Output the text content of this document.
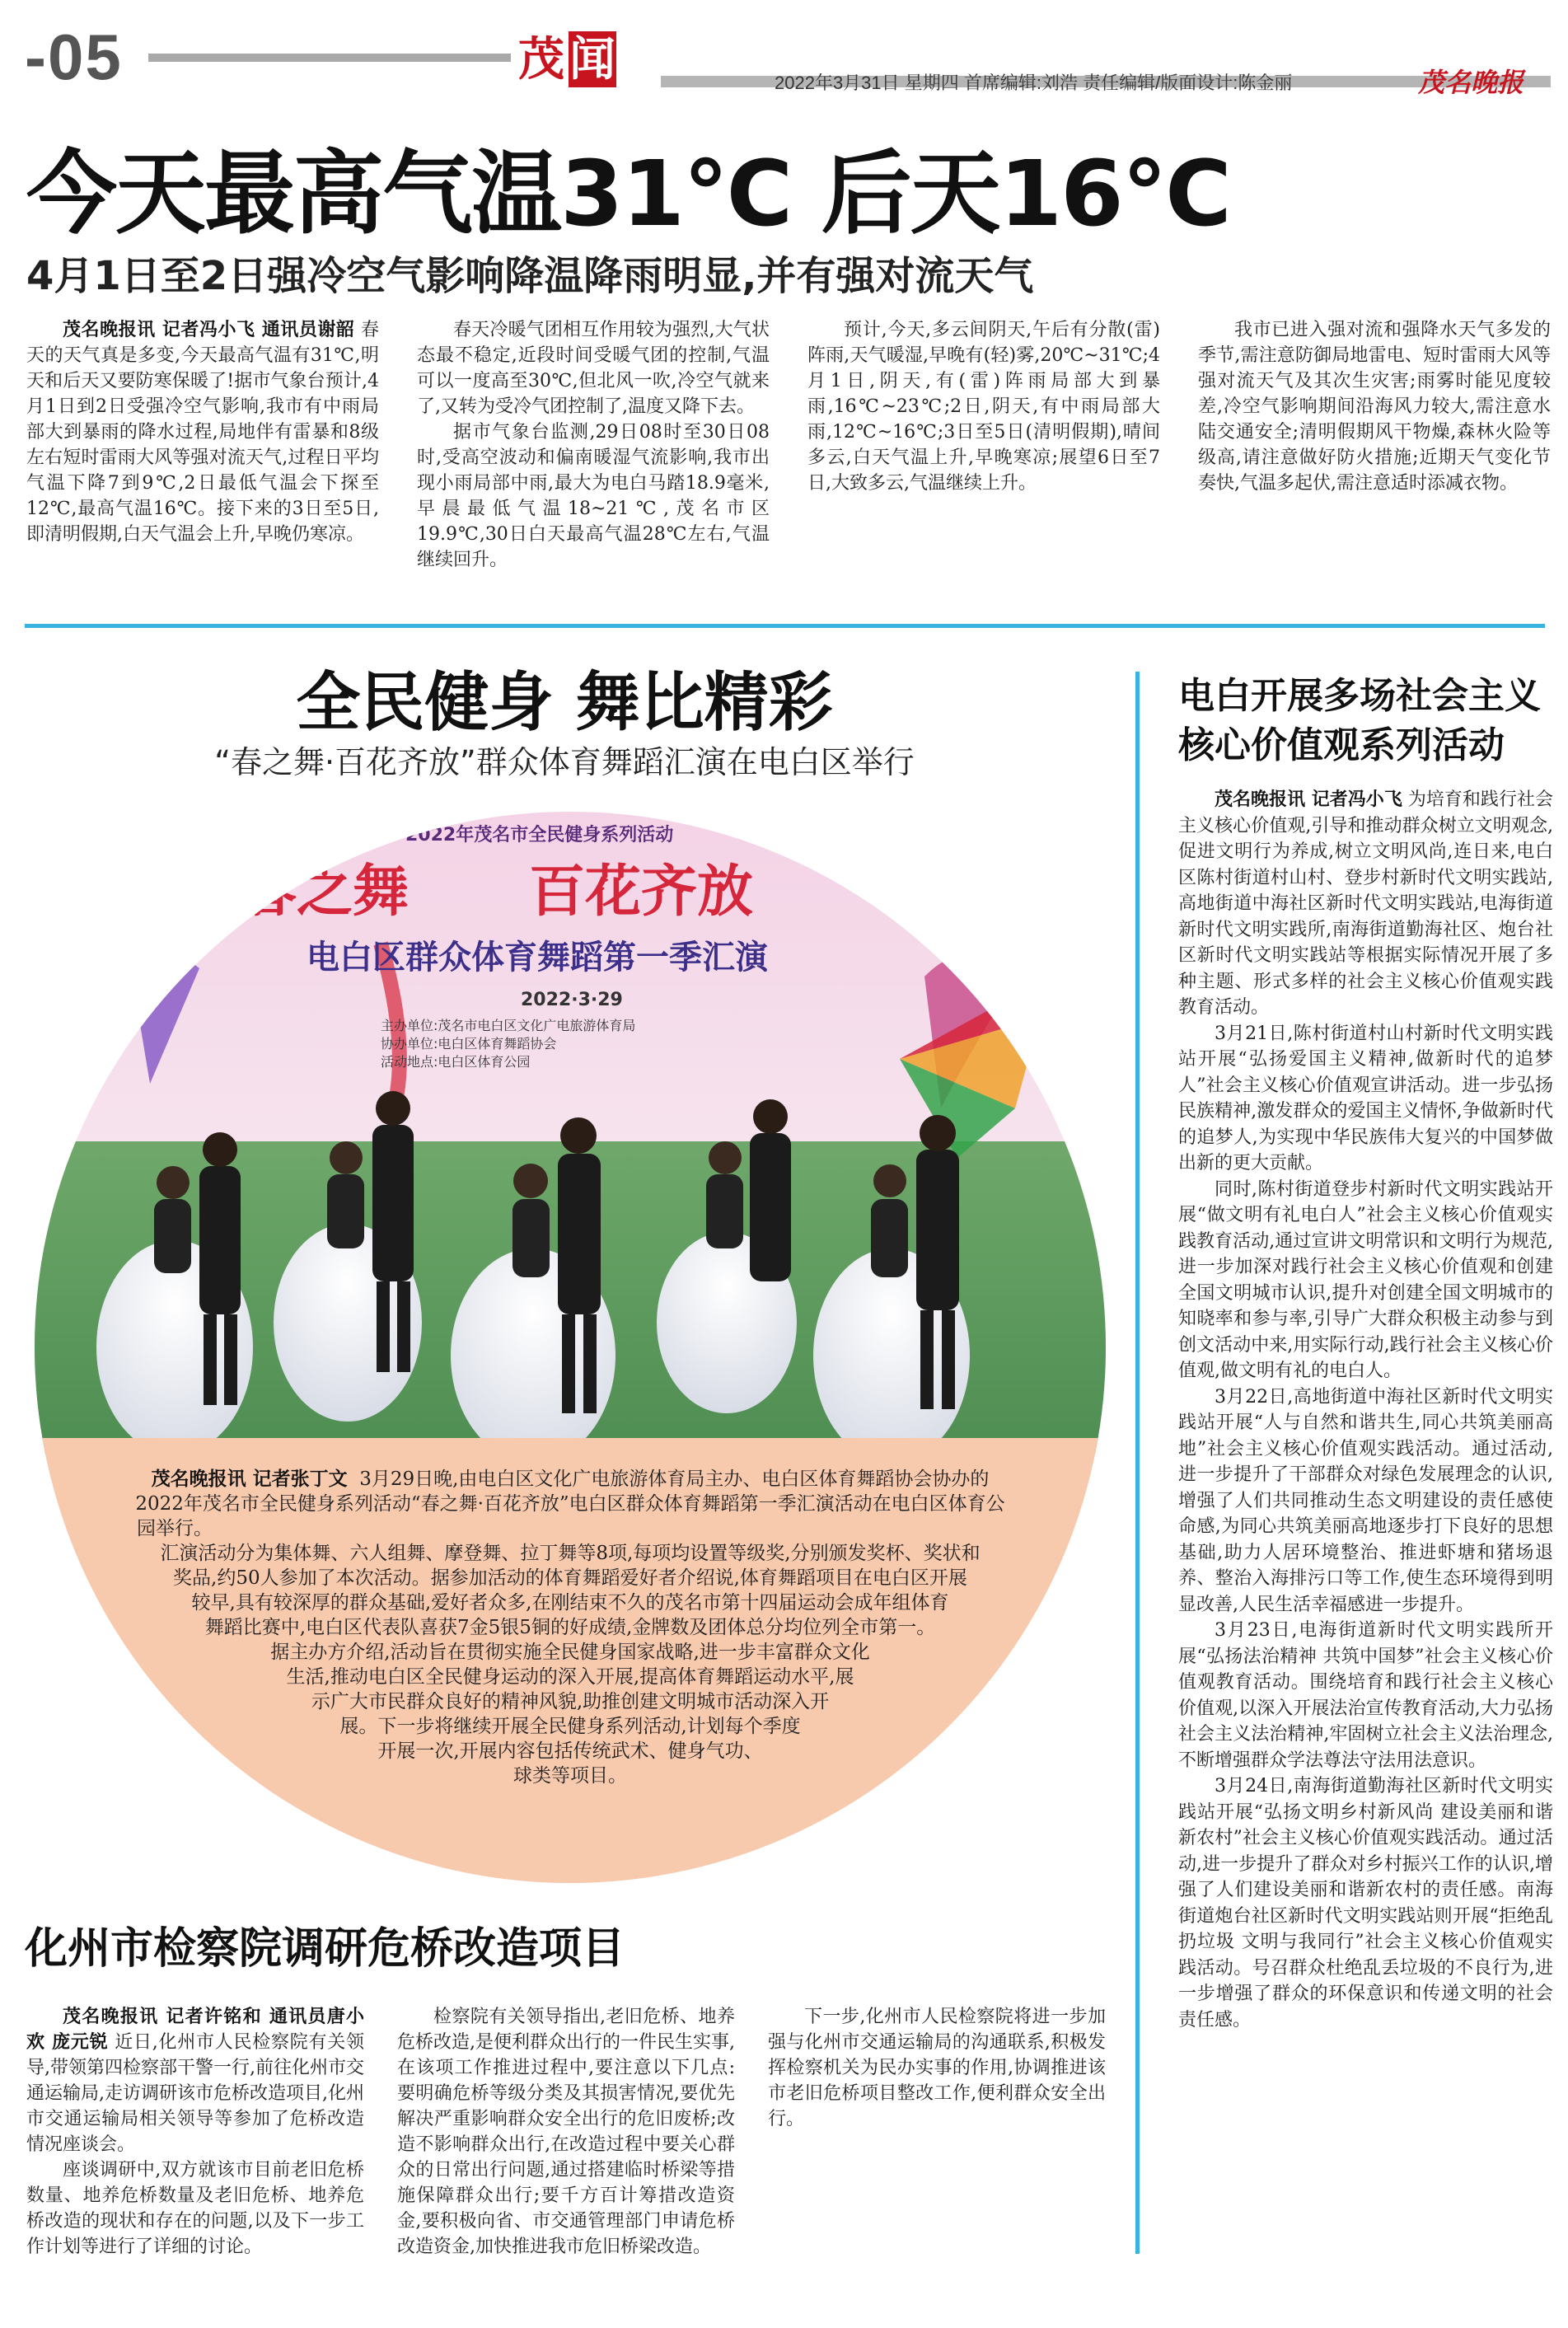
-05	茂 闻	2022年3月31日 星期四 首席编辑:刘浩 责任编辑/版面设计:陈金丽	茂名晚报
今天最高气温31℃ 后天16℃
4月1日至2日强冷空气影响降温降雨明显,并有强对流天气

茂名晚报讯 记者冯小飞 通讯员谢韶 春天的天气真是多变,今天最高气温有31℃,明天和后天又要防寒保暖了!据市气象台预计,4月1日到2日受强冷空气影响,我市有中雨局部大到暴雨的降水过程,局地伴有雷暴和8级左右短时雷雨大风等强对流天气,过程日平均气温下降7到9℃,2日最低气温会下探至12℃,最高气温16℃。接下来的3日至5日,即清明假期,白天气温会上升,早晚仍寒凉。

春天冷暖气团相互作用较为强烈,大气状态最不稳定,近段时间受暖气团的控制,气温可以一度高至30℃,但北风一吹,冷空气就来了,又转为受冷气团控制了,温度又降下去。

据市气象台监测,29日08时至30日08时,受高空波动和偏南暖湿气流影响,我市出现小雨局部中雨,最大为电白马踏18.9毫米,早晨最低气温18~21℃,茂名市区19.9℃,30日白天最高气温28℃左右,气温继续回升。

预计,今天,多云间阴天,午后有分散(雷)阵雨,天气暖湿,早晚有(轻)雾,20℃~31℃;4月1日,阴天,有(雷)阵雨局部大到暴雨,16℃~23℃;2日,阴天,有中雨局部大雨,12℃~16℃;3日至5日(清明假期),晴间多云,白天气温上升,早晚寒凉;展望6日至7日,大致多云,气温继续上升。

我市已进入强对流和强降水天气多发的季节,需注意防御局地雷电、短时雷雨大风等强对流天气及其次生灾害;雨雾时能见度较差,冷空气影响期间沿海风力较大,需注意水陆交通安全;清明假期风干物燥,森林火险等级高,请注意做好防火措施;近期天气变化节奏快,气温多起伏,需注意适时添减衣物。

全民健身 舞比精彩
“春之舞·百花齐放”群众体育舞蹈汇演在电白区举行
2022年茂名市全民健身系列活动
春之舞 百花齐放
电白区群众体育舞蹈第一季汇演
2022·3·29
主办单位:茂名市电白区文化广电旅游体育局
协办单位:电白区体育舞蹈协会
活动地点:电白区体育公园
茂名晚报讯 记者张丁文 3月29日晚,由电白区文化广电旅游体育局主办、电白区体育舞蹈协会协办的
2022年茂名市全民健身系列活动“春之舞·百花齐放”电白区群众体育舞蹈第一季汇演活动在电白区体育公
园举行。
汇演活动分为集体舞、六人组舞、摩登舞、拉丁舞等8项,每项均设置等级奖,分别颁发奖杯、奖状和
奖品,约50人参加了本次活动。据参加活动的体育舞蹈爱好者介绍说,体育舞蹈项目在电白区开展
较早,具有较深厚的群众基础,爱好者众多,在刚结束不久的茂名市第十四届运动会成年组体育
舞蹈比赛中,电白区代表队喜获7金5银5铜的好成绩,金牌数及团体总分均位列全市第一。
据主办方介绍,活动旨在贯彻实施全民健身国家战略,进一步丰富群众文化
生活,推动电白区全民健身运动的深入开展,提高体育舞蹈运动水平,展
示广大市民群众良好的精神风貌,助推创建文明城市活动深入开
展。下一步将继续开展全民健身系列活动,计划每个季度
开展一次,开展内容包括传统武术、健身气功、
球类等项目。
电白开展多场社会主义核心价值观系列活动

茂名晚报讯 记者冯小飞 为培育和践行社会主义核心价值观,引导和推动群众树立文明观念,促进文明行为养成,树立文明风尚,连日来,电白区陈村街道村山村、登步村新时代文明实践站,高地街道中海社区新时代文明实践站,电海街道新时代文明实践所,南海街道勤海社区、炮台社区新时代文明实践站等根据实际情况开展了多种主题、形式多样的社会主义核心价值观实践教育活动。

3月21日,陈村街道村山村新时代文明实践站开展“弘扬爱国主义精神,做新时代的追梦人”社会主义核心价值观宣讲活动。进一步弘扬民族精神,激发群众的爱国主义情怀,争做新时代的追梦人,为实现中华民族伟大复兴的中国梦做出新的更大贡献。

同时,陈村街道登步村新时代文明实践站开展“做文明有礼电白人”社会主义核心价值观实践教育活动,通过宣讲文明常识和文明行为规范,进一步加深对践行社会主义核心价值观和创建全国文明城市认识,提升对创建全国文明城市的知晓率和参与率,引导广大群众积极主动参与到创文活动中来,用实际行动,践行社会主义核心价值观,做文明有礼的电白人。

3月22日,高地街道中海社区新时代文明实践站开展“人与自然和谐共生,同心共筑美丽高地”社会主义核心价值观实践活动。通过活动,进一步提升了干部群众对绿色发展理念的认识,增强了人们共同推动生态文明建设的责任感使命感,为同心共筑美丽高地逐步打下良好的思想基础,助力人居环境整治、推进虾塘和猪场退养、整治入海排污口等工作,使生态环境得到明显改善,人民生活幸福感进一步提升。

3月23日,电海街道新时代文明实践所开展“弘扬法治精神 共筑中国梦”社会主义核心价值观教育活动。围绕培育和践行社会主义核心价值观,以深入开展法治宣传教育活动,大力弘扬社会主义法治精神,牢固树立社会主义法治理念,不断增强群众学法尊法守法用法意识。

3月24日,南海街道勤海社区新时代文明实践站开展“弘扬文明乡村新风尚 建设美丽和谐新农村”社会主义核心价值观实践活动。通过活动,进一步提升了群众对乡村振兴工作的认识,增强了人们建设美丽和谐新农村的责任感。南海街道炮台社区新时代文明实践站则开展“拒绝乱扔垃圾 文明与我同行”社会主义核心价值观实践活动。号召群众杜绝乱丢垃圾的不良行为,进一步增强了群众的环保意识和传递文明的社会责任感。

化州市检察院调研危桥改造项目

茂名晚报讯 记者许铭和 通讯员唐小欢 庞元锐 近日,化州市人民检察院有关领导,带领第四检察部干警一行,前往化州市交通运输局,走访调研该市危桥改造项目,化州市交通运输局相关领导等参加了危桥改造情况座谈会。

座谈调研中,双方就该市目前老旧危桥数量、地养危桥数量及老旧危桥、地养危桥改造的现状和存在的问题,以及下一步工作计划等进行了详细的讨论。

检察院有关领导指出,老旧危桥、地养危桥改造,是便利群众出行的一件民生实事,在该项工作推进过程中,要注意以下几点:要明确危桥等级分类及其损害情况,要优先解决严重影响群众安全出行的危旧废桥;改造不影响群众出行,在改造过程中要关心群众的日常出行问题,通过搭建临时桥梁等措施保障群众出行;要千方百计筹措改造资金,要积极向省、市交通管理部门申请危桥改造资金,加快推进我市危旧桥梁改造。

下一步,化州市人民检察院将进一步加强与化州市交通运输局的沟通联系,积极发挥检察机关为民办实事的作用,协调推进该市老旧危桥项目整改工作,便利群众安全出行。
